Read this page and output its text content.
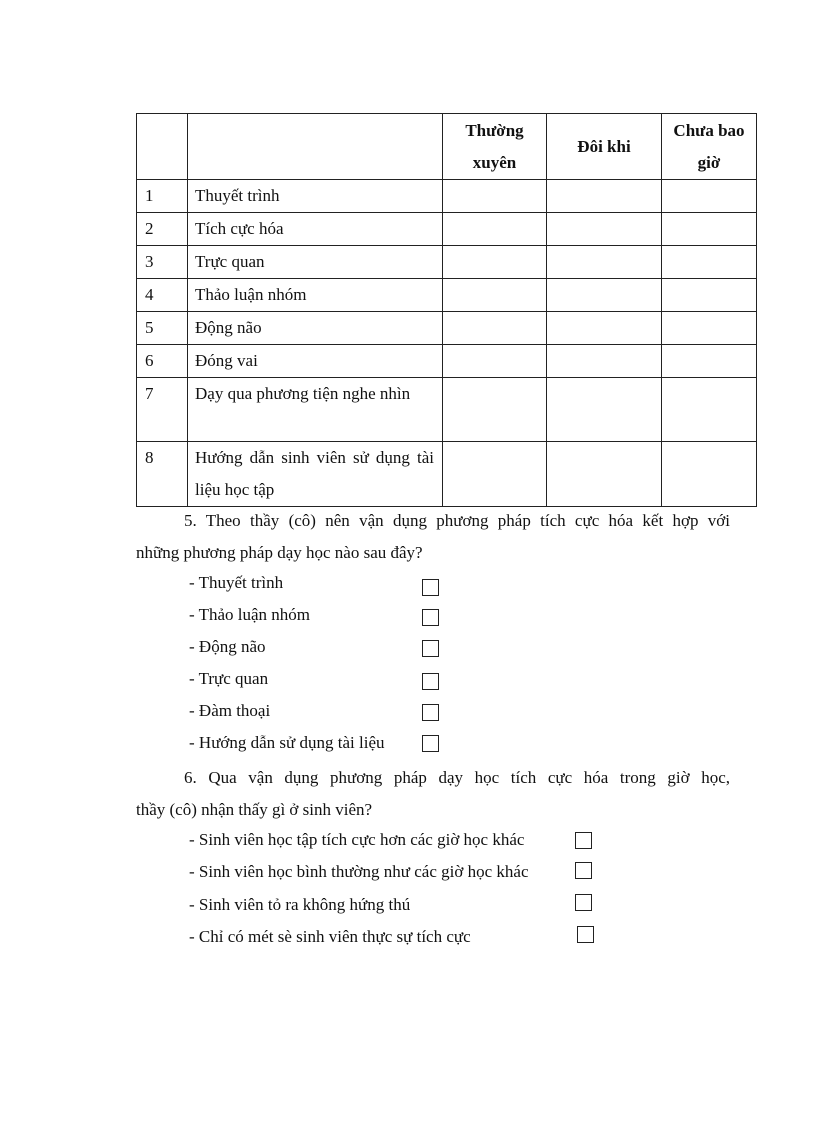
		Thường xuyên	Đôi khi	Chưa bao giờ
1	Thuyết trình			
2	Tích cực hóa			
3	Trực quan			
4	Thảo luận nhóm			
5	Động não			
6	Đóng vai			
7	Dạy qua phương tiện nghe nhìn			
8	Hướng dẫn sinh viên sử dụng tài liệu học tập			
5. Theo thầy (cô) nên vận dụng phương pháp tích cực hóa kết hợp với
những phương pháp dạy học nào sau đây?
- Thuyết trình
- Thảo luận nhóm
- Động não
- Trực quan
- Đàm thoại
- Hướng dẫn sử dụng tài liệu
6. Qua vận dụng phương pháp dạy học tích cực hóa trong giờ học,
thầy (cô) nhận thấy gì ở sinh viên?
- Sinh viên học tập tích cực hơn các giờ học khác
- Sinh viên học bình thường như các giờ học khác
- Sinh viên tỏ ra không hứng thú
- Chỉ có mét sè sinh viên thực sự tích cực
